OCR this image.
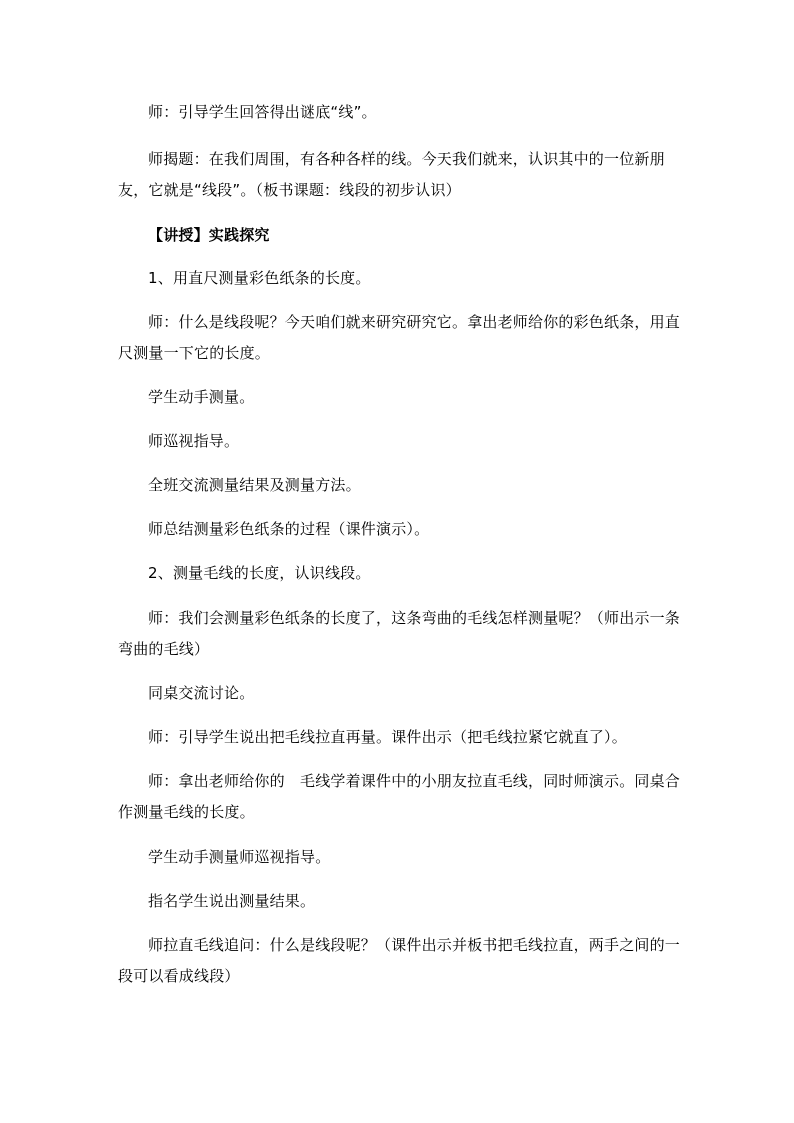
师：引导学生回答得出谜底“线”。

师揭题：在我们周围，有各种各样的线。今天我们就来，认识其中的一位新朋友，它就是“线段”。（板书课题：线段的初步认识）

【讲授】实践探究

1、用直尺测量彩色纸条的长度。

师：什么是线段呢？今天咱们就来研究研究它。拿出老师给你的彩色纸条，用直尺测量一下它的长度。

学生动手测量。

师巡视指导。

全班交流测量结果及测量方法。

师总结测量彩色纸条的过程（课件演示）。

2、测量毛线的长度，认识线段。

师：我们会测量彩色纸条的长度了，这条弯曲的毛线怎样测量呢？（师出示一条弯曲的毛线）

同桌交流讨论。

师：引导学生说出把毛线拉直再量。课件出示（把毛线拉紧它就直了）。

师：拿出老师给你的　毛线学着课件中的小朋友拉直毛线，同时师演示。同桌合作测量毛线的长度。

学生动手测量师巡视指导。

指名学生说出测量结果。

师拉直毛线追问：什么是线段呢？（课件出示并板书把毛线拉直，两手之间的一段可以看成线段）
